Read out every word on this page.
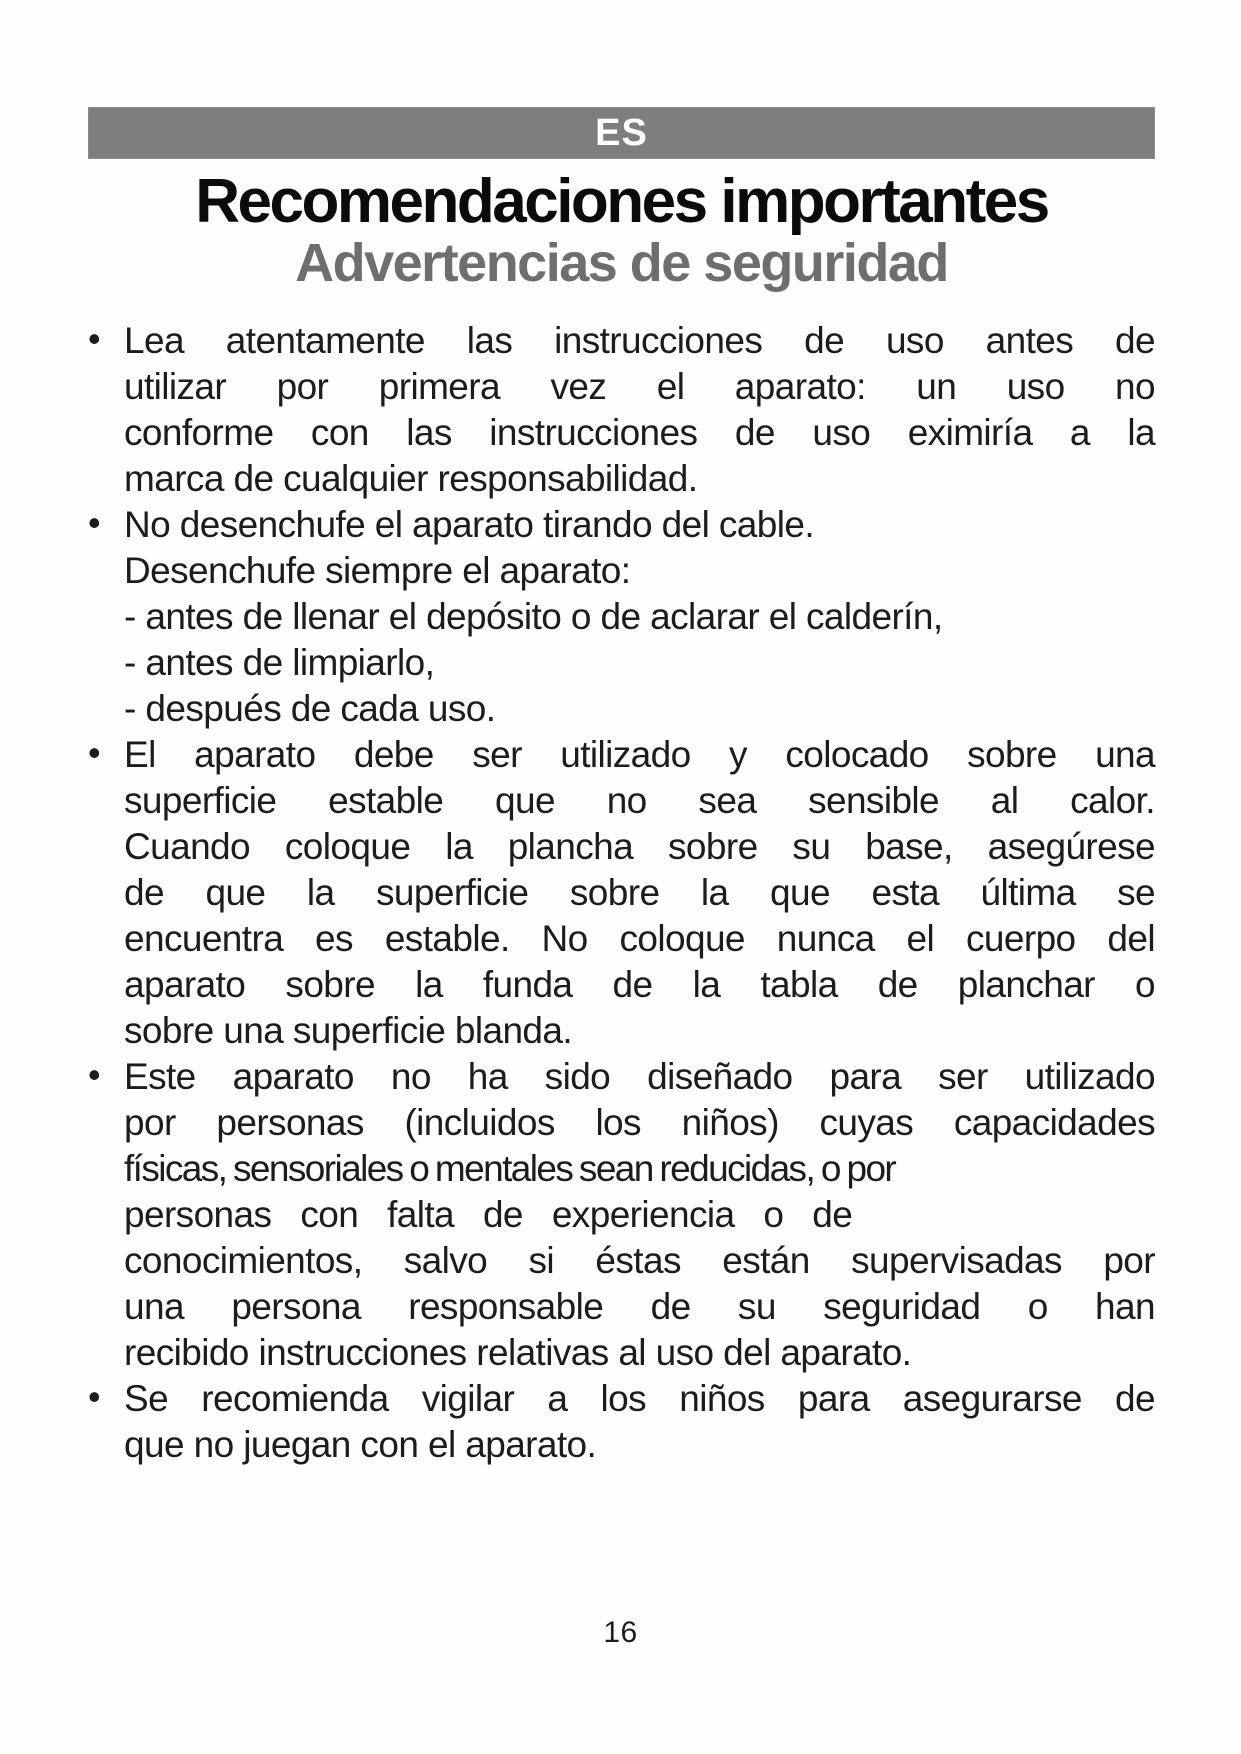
ES
Recomendaciones importantes
Advertencias de seguridad
• Lea atentamente las instrucciones de uso antes de
utilizar por primera vez el aparato: un uso no
conforme con las instrucciones de uso eximiría a la
marca de cualquier responsabilidad.
• No desenchufe el aparato tirando del cable.
Desenchufe siempre el aparato:
- antes de llenar el depósito o de aclarar el calderín,
- antes de limpiarlo,
- después de cada uso.
• El aparato debe ser utilizado y colocado sobre una
superficie estable que no sea sensible al calor.
Cuando coloque la plancha sobre su base, asegúrese
de que la superficie sobre la que esta última se
encuentra es estable. No coloque nunca el cuerpo del
aparato sobre la funda de la tabla de planchar o
sobre una superficie blanda.
• Este aparato no ha sido diseñado para ser utilizado
por personas (incluidos los niños) cuyas capacidades
físicas, sensoriales o mentales sean reducidas, o por
personas con falta de experiencia o de
conocimientos, salvo si éstas están supervisadas por
una persona responsable de su seguridad o han
recibido instrucciones relativas al uso del aparato.
• Se recomienda vigilar a los niños para asegurarse de
que no juegan con el aparato.
16
